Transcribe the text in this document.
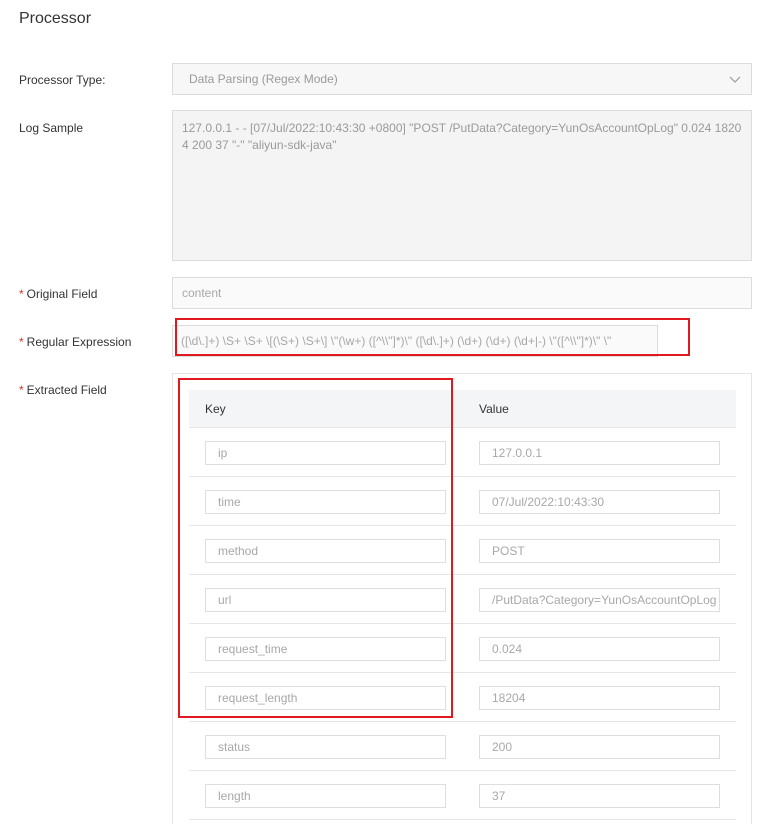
Processor
Processor Type:	Data Parsing (Regex Mode)
Log Sample	127.0.0.1 - - [07/Jul/2022:10:43:30 +0800] "POST /PutData?Category=YunOsAccountOpLog" 0.024 18204 200 37 "-" "aliyun-sdk-java"
* Original Field	content
* Regular Expression	([\d\.]+) \S+ \S+ \[(\S+) \S+\] \"(\w+) ([^\\"]*)\" ([\d\.]+) (\d+) (\d+) (\d+|-) \"([^\\"]*)\" \"
* Extracted Field
Key	Value
ip	127.0.0.1
time	07/Jul/2022:10:43:30
method	POST
url	/PutData?Category=YunOsAccountOpLog
request_time	0.024
request_length	18204
status	200
length	37
